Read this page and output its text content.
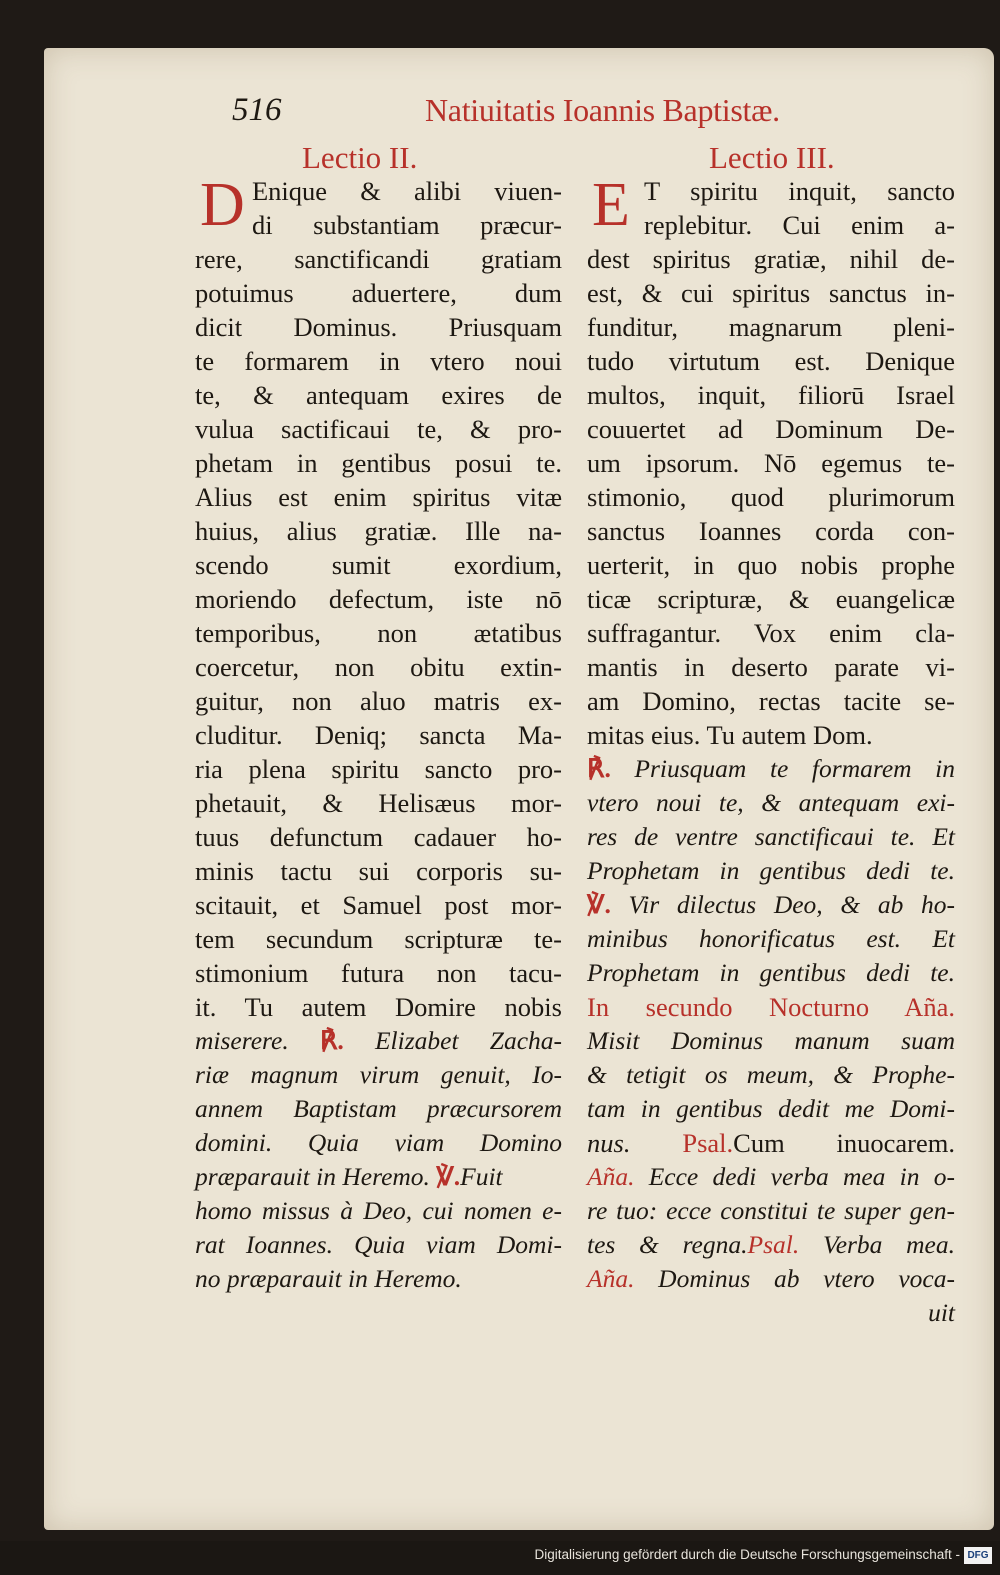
516	Natiuitatis Ioannis Baptistæ.
Lectio II.
D Enique & alibi viuen-
di substantiam præcur-
rere, sanctificandi gratiam
potuimus aduertere, dum
dicit Dominus. Priusquam
te formarem in vtero noui
te, & antequam exires de
vulua sactificaui te, & pro-
phetam in gentibus posui te.
Alius est enim spiritus vitæ
huius, alius gratiæ. Ille na-
scendo sumit exordium,
moriendo defectum, iste nō
temporibus, non ætatibus
coercetur, non obitu extin-
guitur, non aluo matris ex-
cluditur. Deniq; sancta Ma-
ria plena spiritu sancto pro-
phetauit, & Helisæus mor-
tuus defunctum cadauer ho-
minis tactu sui corporis su-
scitauit, et Samuel post mor-
tem secundum scripturæ te-
stimonium futura non tacu-
it. Tu autem Domire nobis
miserere. ℟. Elizabet Zacha-
riæ magnum virum genuit, Io-
annem Baptistam præcursorem
domini. Quia viam Domino
præparauit in Heremo. ℣.Fuit
homo missus à Deo, cui nomen e-
rat Ioannes. Quia viam Domi-
no præparauit in Heremo.
Lectio III.
E T spiritu inquit, sancto
replebitur. Cui enim a-
dest spiritus gratiæ, nihil de-
est, & cui spiritus sanctus in-
funditur, magnarum pleni-
tudo virtutum est. Denique
multos, inquit, filiorū Israel
couuertet ad Dominum De-
um ipsorum. Nō egemus te-
stimonio, quod plurimorum
sanctus Ioannes corda con-
uerterit, in quo nobis prophe
ticæ scripturæ, & euangelicæ
suffragantur. Vox enim cla-
mantis in deserto parate vi-
am Domino, rectas tacite se-
mitas eius. Tu autem Dom.
℟. Priusquam te formarem in
vtero noui te, & antequam exi-
res de ventre sanctificaui te. Et
Prophetam in gentibus dedi te.
℣. Vir dilectus Deo, & ab ho-
minibus honorificatus est. Et
Prophetam in gentibus dedi te.
In secundo Nocturno Aña.
Misit Dominus manum suam
& tetigit os meum, & Prophe-
tam in gentibus dedit me Domi-
nus. Psal.Cum inuocarem.
Aña. Ecce dedi verba mea in o-
re tuo: ecce constitui te super gen-
tes & regna.Psal. Verba mea.
Aña. Dominus ab vtero voca-
uit
Digitalisierung gefördert durch die Deutsche Forschungsgemeinschaft - DFG
